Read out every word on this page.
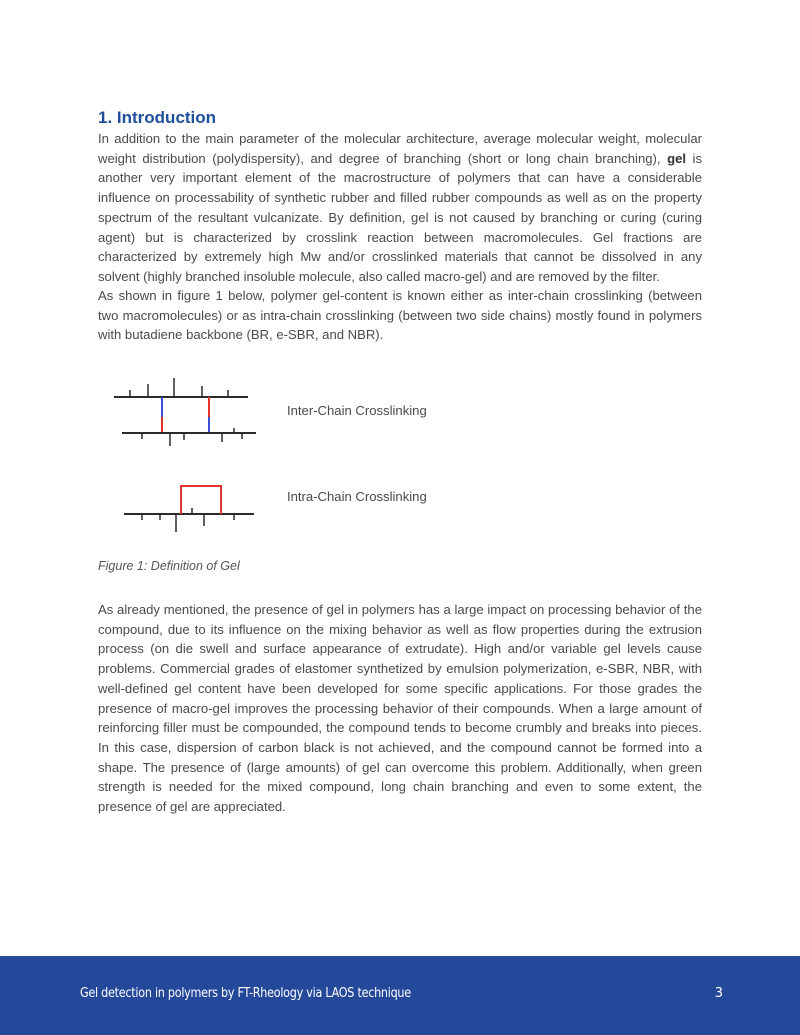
1. Introduction

In addition to the main parameter of the molecular architecture, average molecular weight, molecular weight distribution (polydispersity), and degree of branching (short or long chain branching), gel is another very important element of the macrostructure of polymers that can have a considerable influence on processability of synthetic rubber and filled rubber compounds as well as on the property spectrum of the resultant vulcanizate. By definition, gel is not caused by branching or curing (curing agent) but is characterized by crosslink reaction between macromolecules. Gel fractions are characterized by extremely high Mw and/or crosslinked materials that cannot be dissolved in any solvent (highly branched insoluble molecule, also called macro-gel) and are removed by the filter.

As shown in figure 1 below, polymer gel-content is known either as inter-chain crosslinking (between two macromolecules) or as intra-chain crosslinking (between two side chains) mostly found in polymers with butadiene backbone (BR, e-SBR, and NBR).

Inter-Chain Crosslinking
Intra-Chain Crosslinking
Figure 1: Definition of Gel

As already mentioned, the presence of gel in polymers has a large impact on processing behavior of the compound, due to its influence on the mixing behavior as well as flow properties during the extrusion process (on die swell and surface appearance of extrudate). High and/or variable gel levels cause problems. Commercial grades of elastomer synthetized by emulsion polymerization, e-SBR, NBR, with well-defined gel content have been developed for some specific applications. For those grades the presence of macro-gel improves the processing behavior of their compounds. When a large amount of reinforcing filler must be compounded, the compound tends to become crumbly and breaks into pieces. In this case, dispersion of carbon black is not achieved, and the compound cannot be formed into a shape. The presence of (large amounts) of gel can overcome this problem. Additionally, when green strength is needed for the mixed compound, long chain branching and even to some extent, the presence of gel are appreciated.

Gel detection in polymers by FT-Rheology via LAOS technique	3
